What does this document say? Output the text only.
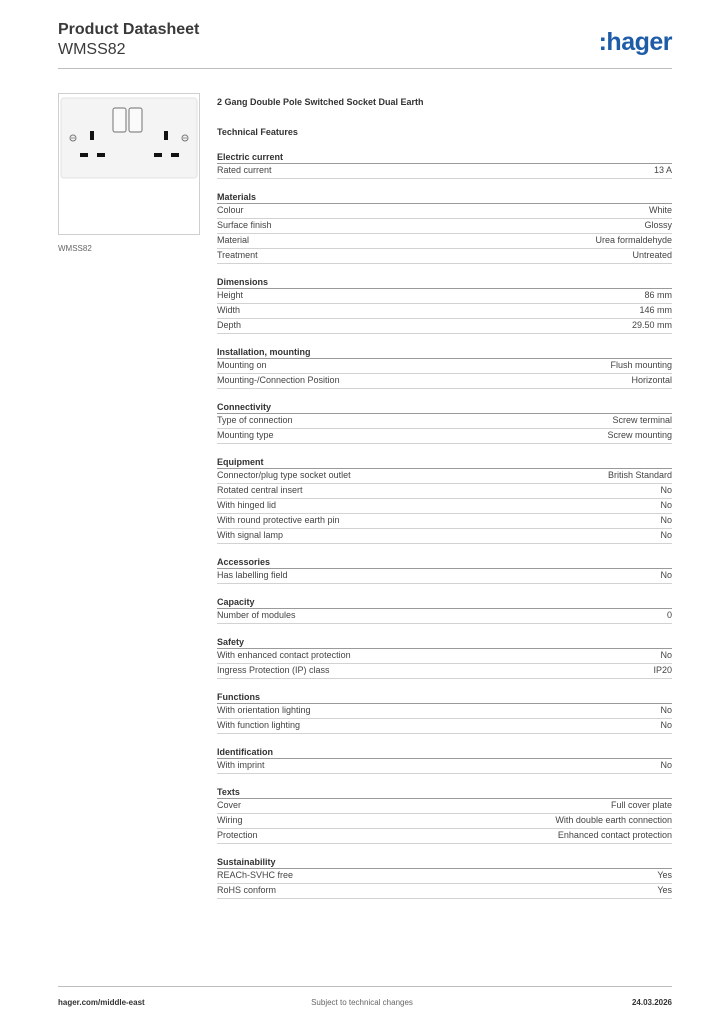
Product Datasheet
WMSS82	:hager
WMSS82
2 Gang Double Pole Switched Socket Dual Earth
Technical Features
Electric current
Rated current	13 A
Materials
Colour	White
Surface finish	Glossy
Material	Urea formaldehyde
Treatment	Untreated
Dimensions
Height	86 mm
Width	146 mm
Depth	29.50 mm
Installation, mounting
Mounting on	Flush mounting
Mounting-/Connection Position	Horizontal
Connectivity
Type of connection	Screw terminal
Mounting type	Screw mounting
Equipment
Connector/plug type socket outlet	British Standard
Rotated central insert	No
With hinged lid	No
With round protective earth pin	No
With signal lamp	No
Accessories
Has labelling field	No
Capacity
Number of modules	0
Safety
With enhanced contact protection	No
Ingress Protection (IP) class	IP20
Functions
With orientation lighting	No
With function lighting	No
Identification
With imprint	No
Texts
Cover	Full cover plate
Wiring	With double earth connection
Protection	Enhanced contact protection
Sustainability
REACh-SVHC free	Yes
RoHS conform	Yes
hager.com/middle-east	Subject to technical changes	24.03.2026
